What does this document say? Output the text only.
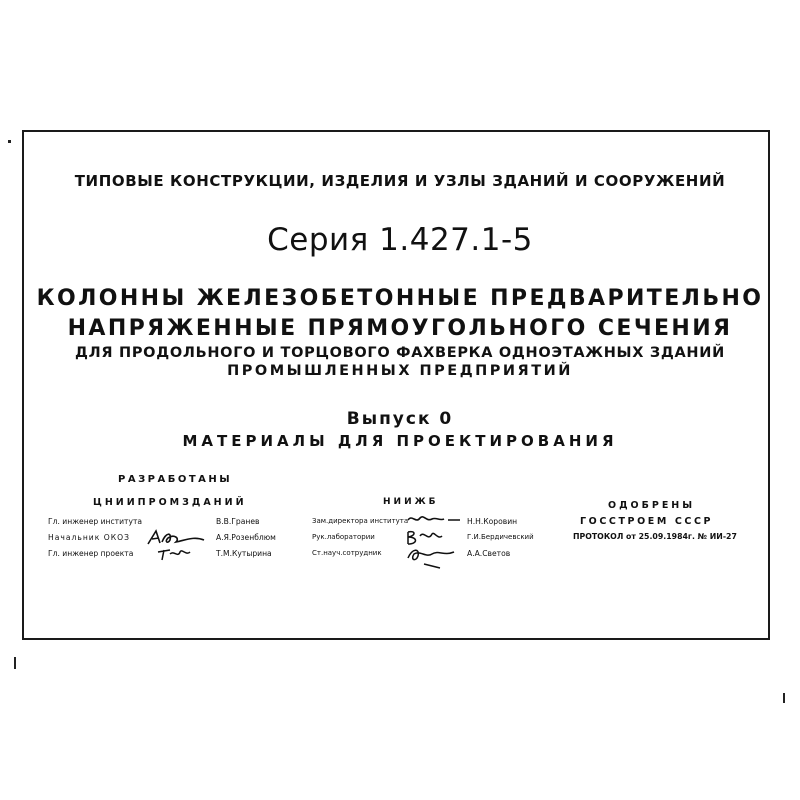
ТИПОВЫЕ КОНСТРУКЦИИ, ИЗДЕЛИЯ И УЗЛЫ ЗДАНИЙ И СООРУЖЕНИЙ
Серия 1.427.1-5
КОЛОННЫ ЖЕЛЕЗОБЕТОННЫЕ ПРЕДВАРИТЕЛЬНО
НАПРЯЖЕННЫЕ ПРЯМОУГОЛЬНОГО СЕЧЕНИЯ
ДЛЯ ПРОДОЛЬНОГО И ТОРЦОВОГО ФАХВЕРКА ОДНОЭТАЖНЫХ ЗДАНИЙ
ПРОМЫШЛЕННЫХ ПРЕДПРИЯТИЙ
Выпуск 0
МАТЕРИАЛЫ ДЛЯ ПРОЕКТИРОВАНИЯ
РАЗРАБОТАНЫ
ЦНИИПРОМЗДАНИЙ
Гл. инженер института	В.В.Гранев
Начальник ОКОЗ	А.Я.Розенблюм
Гл. инженер проекта	Т.М.Кутырина
НИИЖБ
Зам.директора института	Н.Н.Коровин
Рук.лаборатории	Г.И.Бердичевский
Ст.науч.сотрудник	А.А.Светов
ОДОБРЕНЫ
ГОССТРОЕМ СССР
ПРОТОКОЛ от 25.09.1984г. № ИИ-27
